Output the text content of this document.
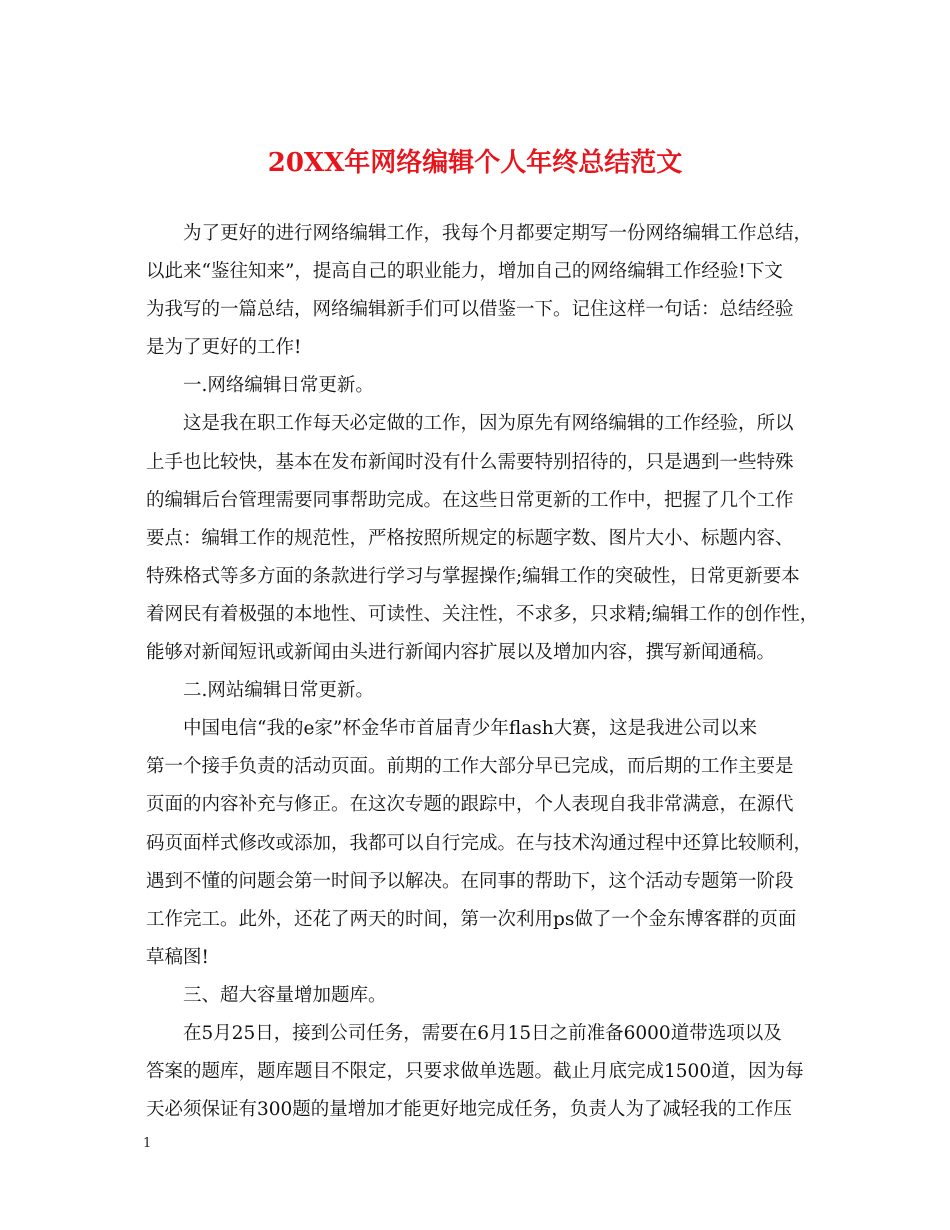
20XX年网络编辑个人年终总结范文
为了更好的进行网络编辑工作，我每个月都要定期写一份网络编辑工作总结，
以此来“鉴往知来”，提高自己的职业能力，增加自己的网络编辑工作经验!下文
为我写的一篇总结，网络编辑新手们可以借鉴一下。记住这样一句话：总结经验
是为了更好的工作!
一.网络编辑日常更新。
这是我在职工作每天必定做的工作，因为原先有网络编辑的工作经验，所以
上手也比较快，基本在发布新闻时没有什么需要特别招待的，只是遇到一些特殊
的编辑后台管理需要同事帮助完成。在这些日常更新的工作中，把握了几个工作
要点：编辑工作的规范性，严格按照所规定的标题字数、图片大小、标题内容、
特殊格式等多方面的条款进行学习与掌握操作;编辑工作的突破性，日常更新要本
着网民有着极强的本地性、可读性、关注性，不求多，只求精;编辑工作的创作性，
能够对新闻短讯或新闻由头进行新闻内容扩展以及增加内容，撰写新闻通稿。
二.网站编辑日常更新。
中国电信“我的e家”杯金华市首届青少年flash大赛，这是我进公司以来
第一个接手负责的活动页面。前期的工作大部分早已完成，而后期的工作主要是
页面的内容补充与修正。在这次专题的跟踪中，个人表现自我非常满意，在源代
码页面样式修改或添加，我都可以自行完成。在与技术沟通过程中还算比较顺利，
遇到不懂的问题会第一时间予以解决。在同事的帮助下，这个活动专题第一阶段
工作完工。此外，还花了两天的时间，第一次利用ps做了一个金东博客群的页面
草稿图!
三、超大容量增加题库。
在5月25日，接到公司任务，需要在6月15日之前准备6000道带选项以及
答案的题库，题库题目不限定，只要求做单选题。截止月底完成1500道，因为每
天必须保证有300题的量增加才能更好地完成任务，负责人为了减轻我的工作压
1
